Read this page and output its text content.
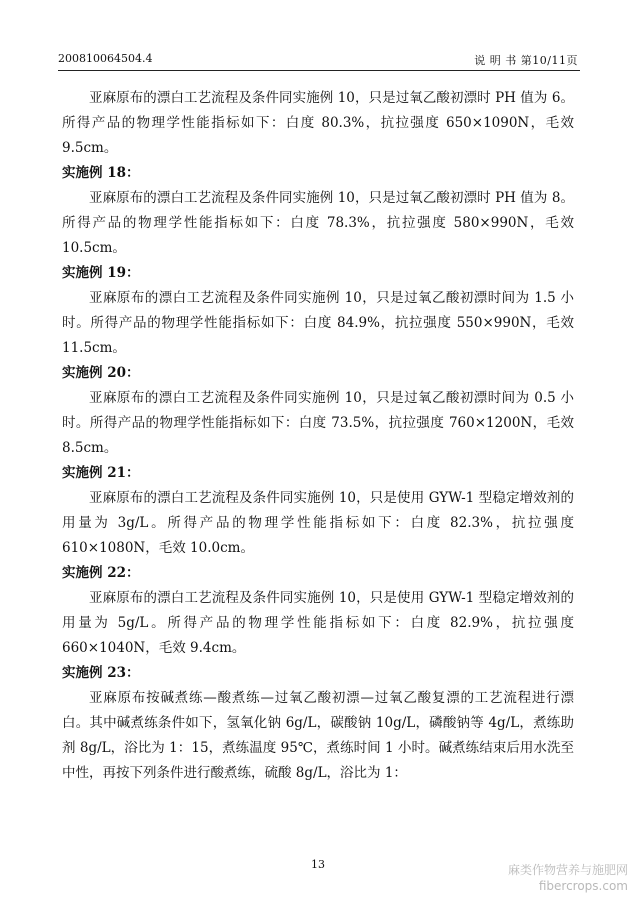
200810064504.4	说 明 书 第10/11页

亚麻原布的漂白工艺流程及条件同实施例 10，只是过氧乙酸初漂时 PH 值为 6。所得产品的物理学性能指标如下：白度 80.3%，抗拉强度 650×1090N，毛效 9.5cm。

实施例 18：

亚麻原布的漂白工艺流程及条件同实施例 10，只是过氧乙酸初漂时 PH 值为 8。所得产品的物理学性能指标如下：白度 78.3%，抗拉强度 580×990N，毛效 10.5cm。

实施例 19：

亚麻原布的漂白工艺流程及条件同实施例 10，只是过氧乙酸初漂时间为 1.5 小时。所得产品的物理学性能指标如下：白度 84.9%，抗拉强度 550×990N，毛效 11.5cm。

实施例 20：

亚麻原布的漂白工艺流程及条件同实施例 10，只是过氧乙酸初漂时间为 0.5 小时。所得产品的物理学性能指标如下：白度 73.5%，抗拉强度 760×1200N，毛效 8.5cm。

实施例 21：

亚麻原布的漂白工艺流程及条件同实施例 10，只是使用 GYW-1 型稳定增效剂的用量为 3g/L。所得产品的物理学性能指标如下：白度 82.3%，抗拉强度 610×1080N，毛效 10.0cm。

实施例 22：

亚麻原布的漂白工艺流程及条件同实施例 10，只是使用 GYW-1 型稳定增效剂的用量为 5g/L。所得产品的物理学性能指标如下：白度 82.9%，抗拉强度 660×1040N，毛效 9.4cm。

实施例 23：

亚麻原布按碱煮练—酸煮练—过氧乙酸初漂—过氧乙酸复漂的工艺流程进行漂白。其中碱煮练条件如下，氢氧化钠 6g/L，碳酸钠 10g/L，磷酸钠等 4g/L，煮练助剂 8g/L，浴比为 1：15，煮练温度 95℃，煮练时间 1 小时。碱煮练结束后用水洗至中性，再按下列条件进行酸煮练，硫酸 8g/L，浴比为 1：

13	麻类作物营养与施肥网
fibercrops.com
